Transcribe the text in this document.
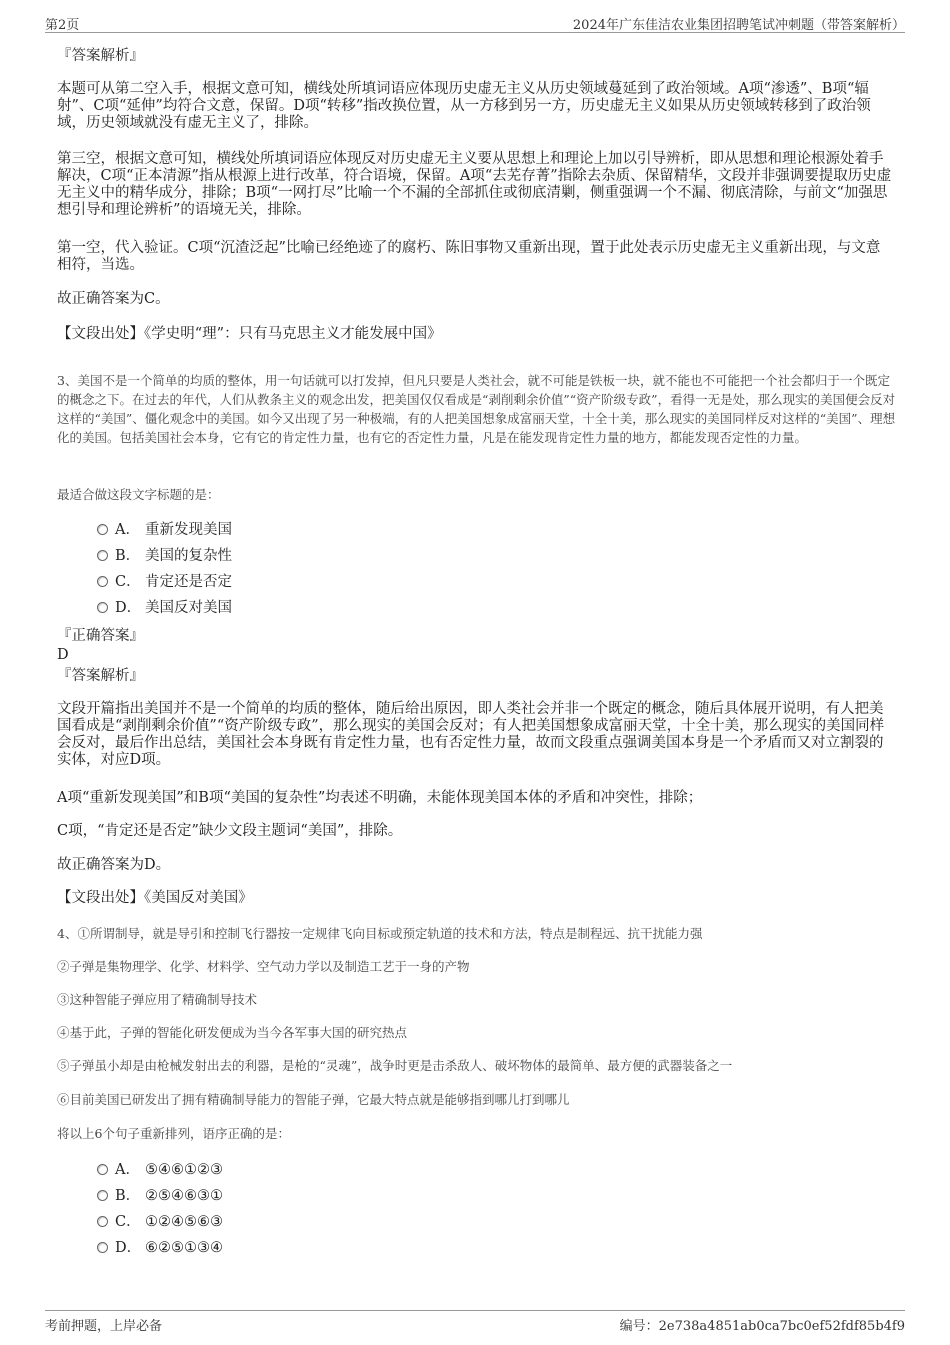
第2页	2024年广东佳洁农业集团招聘笔试冲刺题（带答案解析）
『答案解析』
本题可从第二空入手，根据文意可知，横线处所填词语应体现历史虚无主义从历史领域蔓延到了政治领域。A项“渗透”、B项“辐射”、C项“延伸”均符合文意，保留。D项“转移”指改换位置，从一方移到另一方，历史虚无主义如果从历史领域转移到了政治领域，历史领域就没有虚无主义了，排除。
第三空，根据文意可知，横线处所填词语应体现反对历史虚无主义要从思想上和理论上加以引导辨析，即从思想和理论根源处着手解决，C项“正本清源”指从根源上进行改革，符合语境，保留。A项“去芜存菁”指除去杂质、保留精华，文段并非强调要提取历史虚无主义中的精华成分，排除；B项“一网打尽”比喻一个不漏的全部抓住或彻底清剿，侧重强调一个不漏、彻底清除，与前文“加强思想引导和理论辨析”的语境无关，排除。
第一空，代入验证。C项“沉渣泛起”比喻已经绝迹了的腐朽、陈旧事物又重新出现，置于此处表示历史虚无主义重新出现，与文意相符，当选。
故正确答案为C。
【文段出处】《学史明“理”：只有马克思主义才能发展中国》
3、美国不是一个简单的均质的整体，用一句话就可以打发掉，但凡只要是人类社会，就不可能是铁板一块，就不能也不可能把一个社会都归于一个既定的概念之下。在过去的年代，人们从教条主义的观念出发，把美国仅仅看成是“剥削剩余价值”“资产阶级专政”，看得一无是处，那么现实的美国便会反对这样的“美国”、僵化观念中的美国。如今又出现了另一种极端，有的人把美国想象成富丽天堂，十全十美，那么现实的美国同样反对这样的“美国”、理想化的美国。包括美国社会本身，它有它的肯定性力量，也有它的否定性力量，凡是在能发现肯定性力量的地方，都能发现否定性的力量。
最适合做这段文字标题的是：
A． 重新发现美国
B． 美国的复杂性
C． 肯定还是否定
D． 美国反对美国
『正确答案』
D
『答案解析』
文段开篇指出美国并不是一个简单的均质的整体，随后给出原因，即人类社会并非一个既定的概念，随后具体展开说明，有人把美国看成是“剥削剩余价值”“资产阶级专政”，那么现实的美国会反对；有人把美国想象成富丽天堂，十全十美，那么现实的美国同样会反对，最后作出总结，美国社会本身既有肯定性力量，也有否定性力量，故而文段重点强调美国本身是一个矛盾而又对立割裂的实体，对应D项。
A项“重新发现美国”和B项“美国的复杂性”均表述不明确，未能体现美国本体的矛盾和冲突性，排除；
C项，“肯定还是否定”缺少文段主题词“美国”，排除。
故正确答案为D。
【文段出处】《美国反对美国》
4、①所谓制导，就是导引和控制飞行器按一定规律飞向目标或预定轨道的技术和方法，特点是制程远、抗干扰能力强
②子弹是集物理学、化学、材料学、空气动力学以及制造工艺于一身的产物
③这种智能子弹应用了精确制导技术
④基于此，子弹的智能化研发便成为当今各军事大国的研究热点
⑤子弹虽小却是由枪械发射出去的利器，是枪的“灵魂”，战争时更是击杀敌人、破坏物体的最简单、最方便的武器装备之一
⑥目前美国已研发出了拥有精确制导能力的智能子弹，它最大特点就是能够指到哪儿打到哪儿
将以上6个句子重新排列，语序正确的是：
A． ⑤④⑥①②③
B． ②⑤④⑥③①
C． ①②④⑤⑥③
D． ⑥②⑤①③④
考前押题，上岸必备	编号：2e738a4851ab0ca7bc0ef52fdf85b4f9
